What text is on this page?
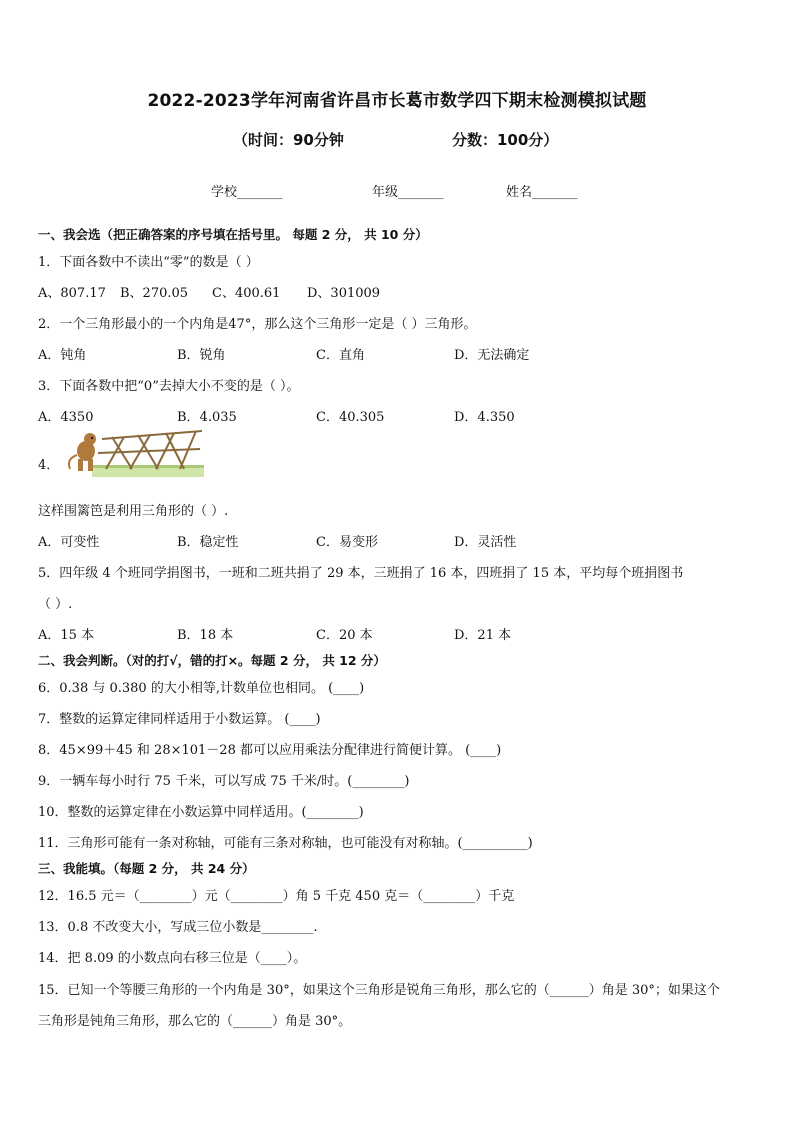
2022-2023学年河南省许昌市长葛市数学四下期末检测模拟试题
（时间：90分钟	分数：100分）
学校_______	年级_______	姓名_______
一、我会选（把正确答案的序号填在括号里。 每题 2 分， 共 10 分）
1．下面各数中不读出“零”的数是（ ）
A、807.17 B、270.05 C、400.61 D、301009
2．一个三角形最小的一个内角是47°，那么这个三角形一定是（ ）三角形。
A．钝角	B．锐角	C．直角	D．无法确定
3．下面各数中把“0”去掉大小不变的是（ ）。
A．4350	B．4.035	C．40.305	D．4.350
4．
这样围篱笆是利用三角形的（ ）.
A．可变性	B．稳定性	C．易变形	D．灵活性
5．四年级 4 个班同学捐图书，一班和二班共捐了 29 本，三班捐了 16 本，四班捐了 15 本，平均每个班捐图书
（ ）.
A．15 本	B．18 本	C．20 本	D．21 本
二、我会判断。（对的打√，错的打×。每题 2 分， 共 12 分）
6．0.38 与 0.380 的大小相等,计数单位也相同。 (____)
7．整数的运算定律同样适用于小数运算。 (____)
8．45×99＋45 和 28×101－28 都可以应用乘法分配律进行简便计算。 (____)
9．一辆车每小时行 75 千米，可以写成 75 千米/时。(________)
10．整数的运算定律在小数运算中同样适用。(________)
11．三角形可能有一条对称轴，可能有三条对称轴，也可能没有对称轴。(__________)
三、我能填。（每题 2 分， 共 24 分）
12．16.5 元＝（________）元（________）角 5 千克 450 克＝（________）千克
13．0.8 不改变大小，写成三位小数是________.
14．把 8.09 的小数点向右移三位是（____）。
15．已知一个等腰三角形的一个内角是 30°，如果这个三角形是锐角三角形，那么它的（______）角是 30°；如果这个
三角形是钝角三角形，那么它的（______）角是 30°。
